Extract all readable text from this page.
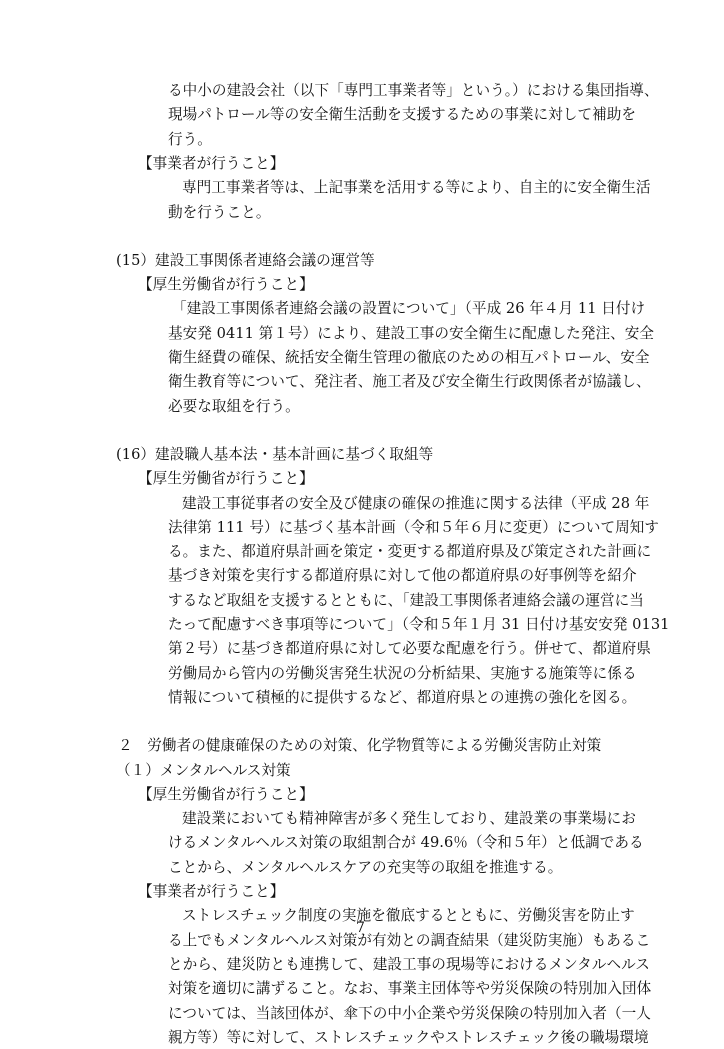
る中小の建設会社（以下「専門工事業者等」という。）における集団指導、
現場パトロール等の安全衛生活動を支援するための事業に対して補助を
行う。
【事業者が行うこと】
専門工事業者等は、上記事業を活用する等により、自主的に安全衛生活
動を行うこと。
(15）建設工事関係者連絡会議の運営等
【厚生労働省が行うこと】
「建設工事関係者連絡会議の設置について」（平成 26 年４月 11 日付け
基安発 0411 第１号）により、建設工事の安全衛生に配慮した発注、安全
衛生経費の確保、統括安全衛生管理の徹底のための相互パトロール、安全
衛生教育等について、発注者、施工者及び安全衛生行政関係者が協議し、
必要な取組を行う。
(16）建設職人基本法・基本計画に基づく取組等
【厚生労働省が行うこと】
建設工事従事者の安全及び健康の確保の推進に関する法律（平成 28 年
法律第 111 号）に基づく基本計画（令和５年６月に変更）について周知す
る。また、都道府県計画を策定・変更する都道府県及び策定された計画に
基づき対策を実行する都道府県に対して他の都道府県の好事例等を紹介
するなど取組を支援するとともに、「建設工事関係者連絡会議の運営に当
たって配慮すべき事項等について」（令和５年１月 31 日付け基安安発 0131
第２号）に基づき都道府県に対して必要な配慮を行う。併せて、都道府県
労働局から管内の労働災害発生状況の分析結果、実施する施策等に係る
情報について積極的に提供するなど、都道府県との連携の強化を図る。
２　労働者の健康確保のための対策、化学物質等による労働災害防止対策
（１）メンタルヘルス対策
【厚生労働省が行うこと】
建設業においても精神障害が多く発生しており、建設業の事業場にお
けるメンタルヘルス対策の取組割合が 49.6％（令和５年）と低調である
ことから、メンタルヘルスケアの充実等の取組を推進する。
7
【事業者が行うこと】
ストレスチェック制度の実施を徹底するとともに、労働災害を防止す
る上でもメンタルヘルス対策が有効との調査結果（建災防実施）もあるこ
とから、建災防とも連携して、建設工事の現場等におけるメンタルヘルス
対策を適切に講ずること。なお、事業主団体等や労災保険の特別加入団体
については、当該団体が、傘下の中小企業や労災保険の特別加入者（一人
親方等）等に対して、ストレスチェックやストレスチェック後の職場環境
